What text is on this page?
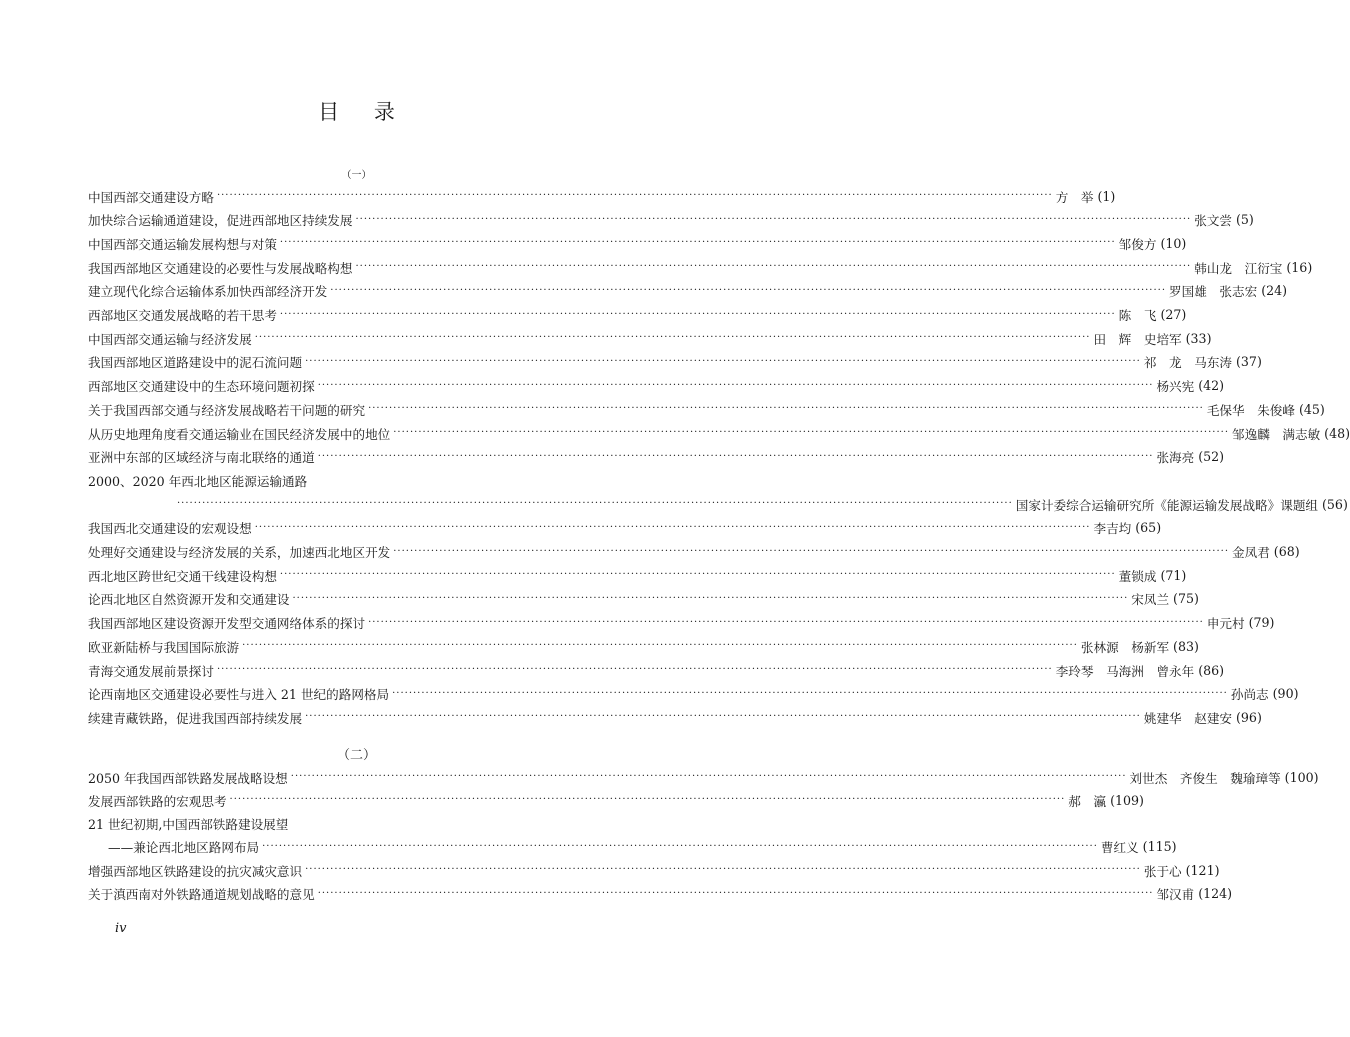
目 录
（一）
（二）
中国西部交通建设方略 ········································································································································································································ 方　举 (1)
加快综合运输通道建设，促进西部地区持续发展 ········································································································································································································ 张文尝 (5)
中国西部交通运输发展构想与对策 ········································································································································································································ 邹俊方 (10)
我国西部地区交通建设的必要性与发展战略构想 ········································································································································································································ 韩山龙　江衍宝 (16)
建立现代化综合运输体系加快西部经济开发 ········································································································································································································ 罗国雄　张志宏 (24)
西部地区交通发展战略的若干思考 ········································································································································································································ 陈　飞 (27)
中国西部交通运输与经济发展 ········································································································································································································ 田　辉　史培军 (33)
我国西部地区道路建设中的泥石流问题 ········································································································································································································ 祁　龙　马东涛 (37)
西部地区交通建设中的生态环境问题初探 ········································································································································································································ 杨兴宪 (42)
关于我国西部交通与经济发展战略若干问题的研究 ········································································································································································································ 毛保华　朱俊峰 (45)
从历史地理角度看交通运输业在国民经济发展中的地位 ········································································································································································································ 邹逸麟　满志敏 (48)
亚洲中东部的区域经济与南北联络的通道 ········································································································································································································ 张海亮 (52)
2000、2020 年西北地区能源运输通路
········································································································································································································ 国家计委综合运输研究所《能源运输发展战略》课题组 (56)
我国西北交通建设的宏观设想 ········································································································································································································ 李吉均 (65)
处理好交通建设与经济发展的关系，加速西北地区开发 ········································································································································································································ 金凤君 (68)
西北地区跨世纪交通干线建设构想 ········································································································································································································ 董锁成 (71)
论西北地区自然资源开发和交通建设 ········································································································································································································ 宋凤兰 (75)
我国西部地区建设资源开发型交通网络体系的探讨 ········································································································································································································ 申元村 (79)
欧亚新陆桥与我国国际旅游 ········································································································································································································ 张林源　杨新军 (83)
青海交通发展前景探讨 ········································································································································································································ 李玲琴　马海洲　曾永年 (86)
论西南地区交通建设必要性与进入 21 世纪的路网格局 ········································································································································································································ 孙尚志 (90)
续建青藏铁路，促进我国西部持续发展 ········································································································································································································ 姚建华　赵建安 (96)
2050 年我国西部铁路发展战略设想 ········································································································································································································ 刘世杰　齐俊生　魏瑜璋等 (100)
发展西部铁路的宏观思考 ········································································································································································································ 郝　瀛 (109)
21 世纪初期,中国西部铁路建设展望
——兼论西北地区路网布局 ········································································································································································································ 曹红义 (115)
增强西部地区铁路建设的抗灾减灾意识 ········································································································································································································ 张于心 (121)
关于滇西南对外铁路通道规划战略的意见 ········································································································································································································ 邹汉甫 (124)
iv
